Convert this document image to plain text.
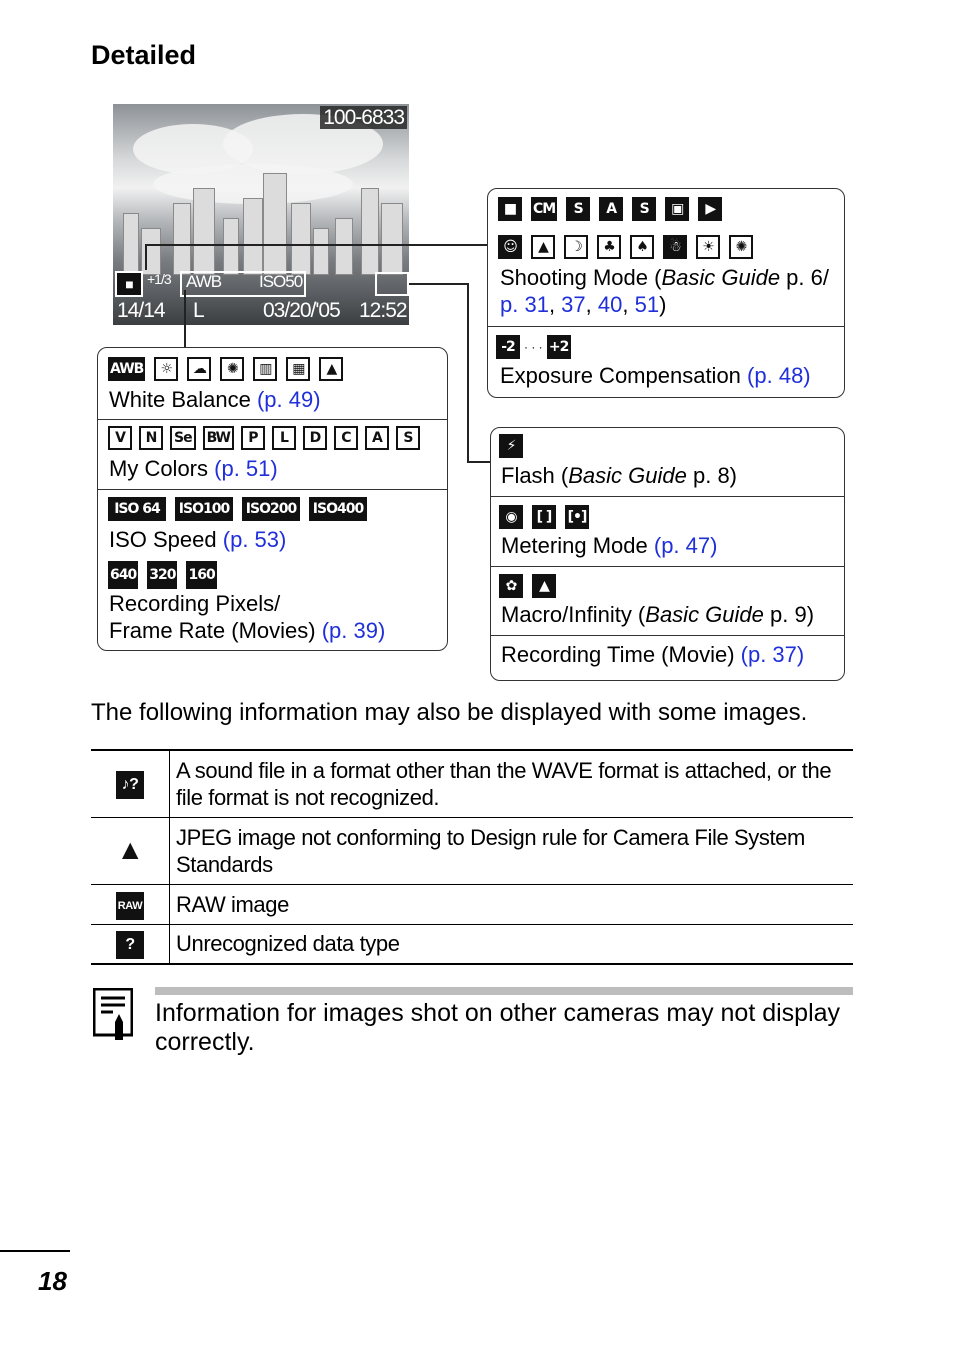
Detailed
100-6833
■	+1/3 AWB ISO50
14/14 L	03/20/'05 12:52
■	CM	S	A	S	▣	▶
☺	▲	☽	♣	♠	☃	☀	✺
Shooting Mode (Basic Guide p. 6/
p. 31, 37, 40, 51)
-2 · · · +2
Exposure Compensation (p. 48)
⚡
Flash (Basic Guide p. 8)
◉	[ ]	[•]
Metering Mode (p. 47)
✿	▲
Macro/Infinity (Basic Guide p. 9)
Recording Time (Movie) (p. 37)
AWB	☼	☁	✺	▥	▦	▲
White Balance (p. 49)
V	N	Se BW	P	L	D	C	A	S
My Colors (p. 51)
ISO 64	ISO100 ISO200 ISO400
ISO Speed (p. 53)
640 320 160
Recording Pixels/
Frame Rate (Movies) (p. 39)
The following information may also be displayed with some images.
♪?	A sound file in a format other than the WAVE format is attached, or the file format is not recognized.
▲	JPEG image not conforming to Design rule for Camera File System Standards
RAW	RAW image
?	Unrecognized data type
Information for images shot on other cameras may not display correctly.
18
